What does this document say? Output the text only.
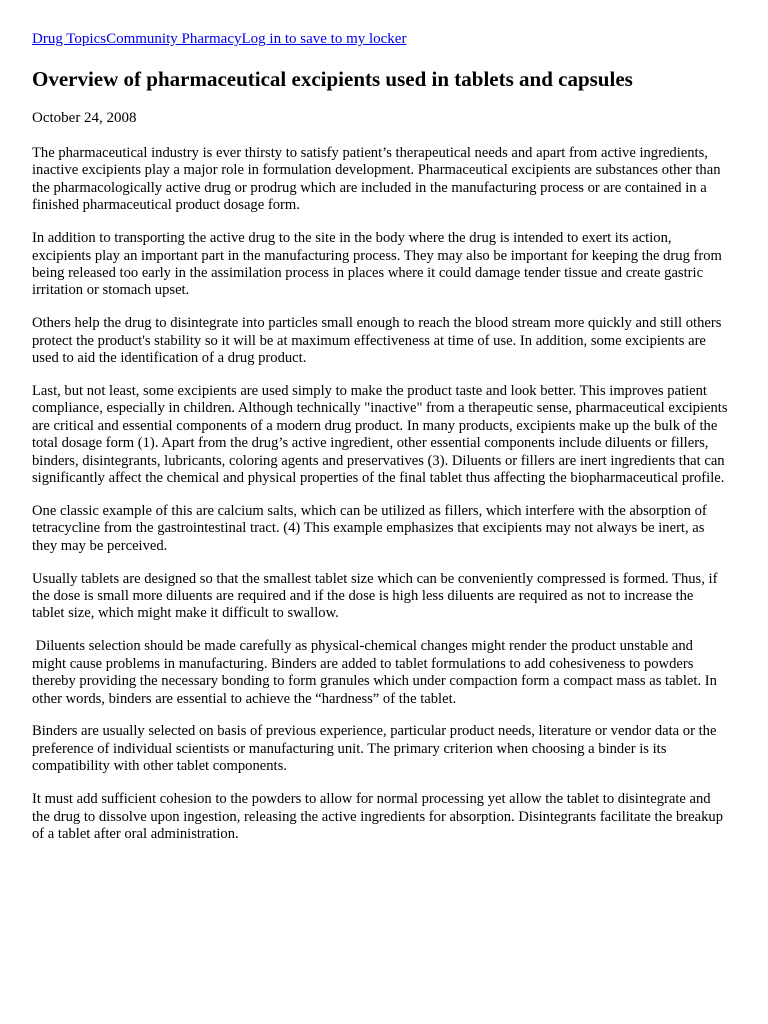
Drug TopicsCommunity PharmacyLog in to save to my locker
Overview of pharmaceutical excipients used in tablets and capsules
October 24, 2008

The pharmaceutical industry is ever thirsty to satisfy patient’s therapeutical needs and apart from active ingredients, inactive excipients play a major role in formulation development. Pharmaceutical excipients are substances other than the pharmacologically active drug or prodrug which are included in the manufacturing process or are contained in a finished pharmaceutical product dosage form.

In addition to transporting the active drug to the site in the body where the drug is intended to exert its action, excipients play an important part in the manufacturing process. They may also be important for keeping the drug from being released too early in the assimilation process in places where it could damage tender tissue and create gastric irritation or stomach upset.

Others help the drug to disintegrate into particles small enough to reach the blood stream more quickly and still others protect the product's stability so it will be at maximum effectiveness at time of use. In addition, some excipients are used to aid the identification of a drug product.

Last, but not least, some excipients are used simply to make the product taste and look better. This improves patient compliance, especially in children. Although technically "inactive" from a therapeutic sense, pharmaceutical excipients are critical and essential components of a modern drug product. In many products, excipients make up the bulk of the total dosage form (1). Apart from the drug’s active ingredient, other essential components include diluents or fillers, binders, disintegrants, lubricants, coloring agents and preservatives (3). Diluents or fillers are inert ingredients that can significantly affect the chemical and physical properties of the final tablet thus affecting the biopharmaceutical profile.

One classic example of this are calcium salts, which can be utilized as fillers, which interfere with the absorption of tetracycline from the gastrointestinal tract. (4) This example emphasizes that excipients may not always be inert, as they may be perceived.

Usually tablets are designed so that the smallest tablet size which can be conveniently compressed is formed. Thus, if the dose is small more diluents are required and if the dose is high less diluents are required as not to increase the tablet size, which might make it difficult to swallow.

Diluents selection should be made carefully as physical-chemical changes might render the product unstable and might cause problems in manufacturing. Binders are added to tablet formulations to add cohesiveness to powders thereby providing the necessary bonding to form granules which under compaction form a compact mass as tablet. In other words, binders are essential to achieve the “hardness” of the tablet.

Binders are usually selected on basis of previous experience, particular product needs, literature or vendor data or the preference of individual scientists or manufacturing unit. The primary criterion when choosing a binder is its compatibility with other tablet components.

It must add sufficient cohesion to the powders to allow for normal processing yet allow the tablet to disintegrate and the drug to dissolve upon ingestion, releasing the active ingredients for absorption. Disintegrants facilitate the breakup of a tablet after oral administration.
